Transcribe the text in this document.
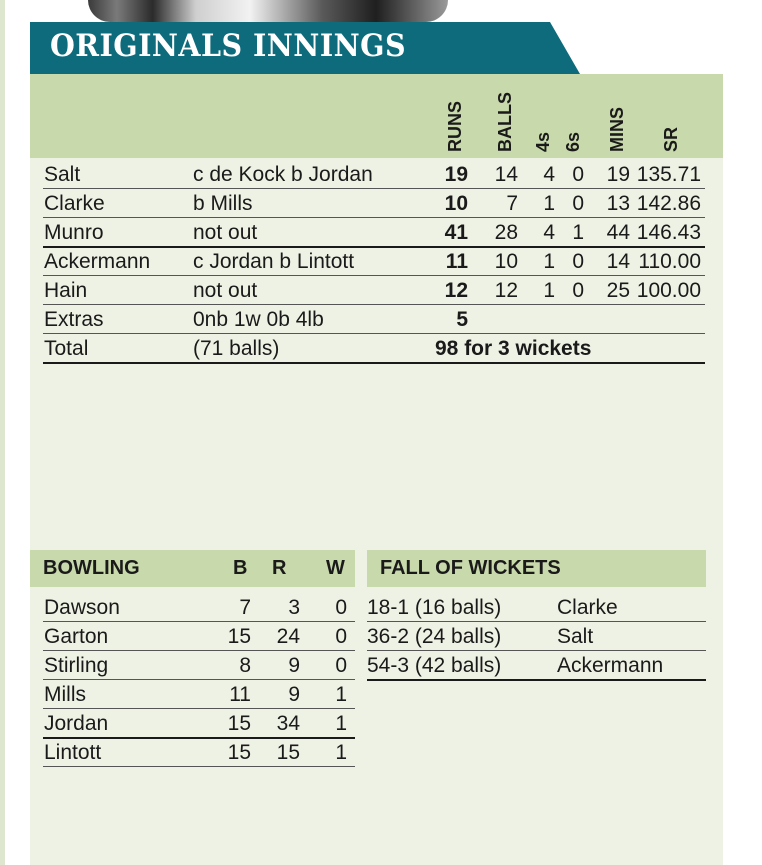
ORIGINALS INNINGS
RUNS BALLS 4s 6s MINS SR
Salt	c de Kock b Jordan	19 14 4 0 19 135.71
Clarke	b Mills	10 7 1 0 13 142.86
Munro	not out	41 28 4 1 44 146.43
Ackermann c Jordan b Lintott	11 10 1 0 14 110.00
Hain	not out	12 12 1 0 25 100.00
Extras	0nb 1w 0b 4lb	5
Total	(71 balls)	98 for 3 wickets
BOWLING	B R W
Dawson	7 3 0
Garton	15 24 0
Stirling	8 9 0
Mills	11 9 1
Jordan	15 34 1
Lintott	15 15 1
FALL OF WICKETS
18-1 (16 balls)	Clarke
36-2 (24 balls)	Salt
54-3 (42 balls)	Ackermann
